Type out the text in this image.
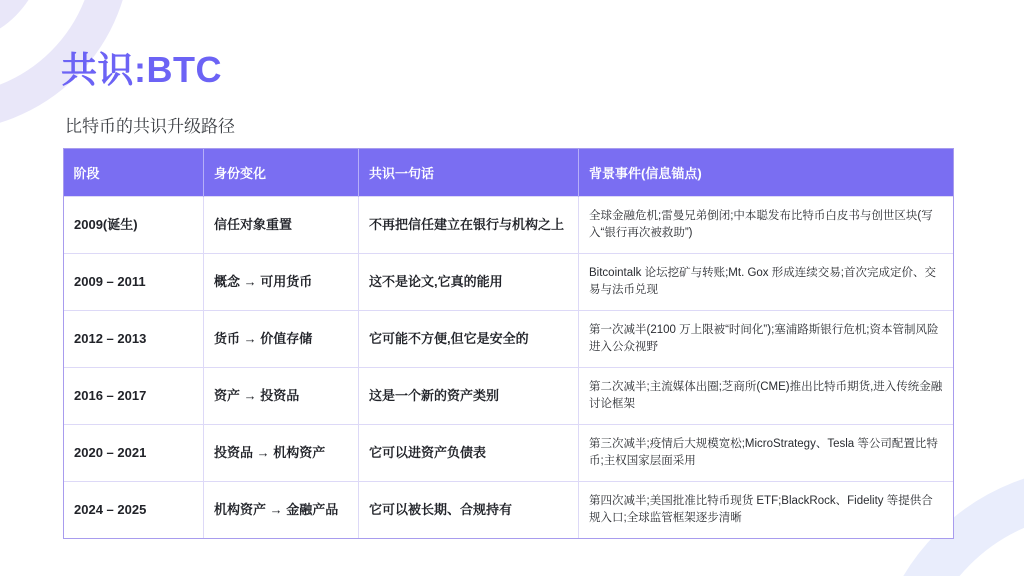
共识:BTC
比特币的共识升级路径
阶段	身份变化	共识一句话	背景事件(信息锚点)
2009(诞生)	信任对象重置	不再把信任建立在银行与机构之上	全球金融危机;雷曼兄弟倒闭;中本聪发布比特币白皮书与创世区块(写入“银行再次被救助”)
2009 – 2011	概念 → 可用货币	这不是论文,它真的能用	Bitcointalk 论坛挖矿与转账;Mt. Gox 形成连续交易;首次完成定价、交易与法币兑现
2012 – 2013	货币 → 价值存储	它可能不方便,但它是安全的	第一次减半(2100 万上限被“时间化”);塞浦路斯银行危机;资本管制风险进入公众视野
2016 – 2017	资产 → 投资品	这是一个新的资产类别	第二次减半;主流媒体出圈;芝商所(CME)推出比特币期货,进入传统金融讨论框架
2020 – 2021	投资品 → 机构资产	它可以进资产负债表	第三次减半;疫情后大规模宽松;MicroStrategy、Tesla 等公司配置比特币;主权国家层面采用
2024 – 2025	机构资产 → 金融产品	它可以被长期、合规持有	第四次减半;美国批准比特币现货 ETF;BlackRock、Fidelity 等提供合规入口;全球监管框架逐步清晰
